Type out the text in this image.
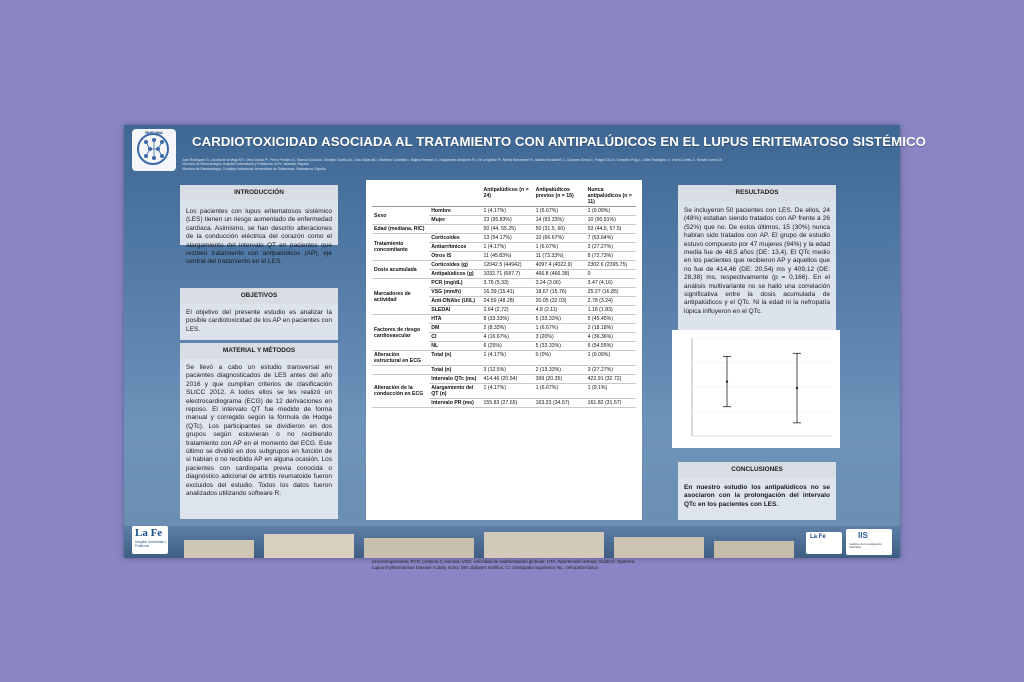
RHEUMA
CARDIOTOXICIDAD ASOCIADA AL TRATAMIENTO CON ANTIPALÚDICOS EN EL LUPUS ERITEMATOSO SISTÉMICO
José Rodríguez G¹, Acosta de la Vega MT¹, Vera García P¹, Pérez Perales C¹, Ramos García A², Morales Ocaña JA¹, Grau Solas ML¹, Martínez Cordellat I¹, Nájera Herranz C¹, Negueroles Albuixech R¹, De La Iglesia P¹, Núñez Benavente F¹, Alcañiz Escandell C¹, Cánovas Olmos I¹, Fragio Gil JJ¹, González Puig L¹, Oller Rodríguez J¹, Ivorra Cortés J¹, Román Ivorra JA¹
¹Servicio de Reumatología, Hospital Universitario y Politécnico la Fe, Valencia, España
²Servicio de Reumatología, Complejo Asistencial Universitario de Salamanca, Salamanca, España
INTRODUCCIÓN
Los pacientes con lupus eritematosos sistémico (LES) tienen un riesgo aumentado de enfermedad cardiaca. Asimismo, se han descrito alteraciones de la conducción eléctrica del corazón como el alargamiento del intervalo QT en pacientes que reciben tratamiento con antipalúdicos (AP), eje central del tratamiento en el LES.
OBJETIVOS
El objetivo del presente estudio es analizar la posible cardiotoxicidad de los AP en pacientes con LES.
MATERIAL Y MÉTODOS
Se llevó a cabo un estudio transversal en pacientes diagnosticados de LES antes del año 2016 y que cumplían criterios de clasificación SLICC 2012. A todos ellos se les realizó un electrocardiograma (ECG) de 12 derivaciones en reposo. El intervalo QT fue medido de forma manual y corregido según la fórmula de Hodge (QTc). Los participantes se dividieron en dos grupos según estuvieran o no recibiendo tratamiento con AP en el momento del ECG. Este último se dividió en dos subgrupos en función de si habían o no recibido AP en alguna ocasión. Los pacientes con cardiopatía previa conocida o diagnóstico adicional de artritis reumatoide fueron excluidos del estudio. Todos los datos fueron analizados utilizando software R.
		Antipalúdicos (n = 24)	Antipalúdicos previos (n = 15)	Nunca antipalúdicos (n = 11)
Sexo	Hombre	1 (4.17%)	1 (6.67%)	1 (9.09%)
	Mujer	23 (95.83%)	14 (93.33%)	10 (90.91%)
Edad (mediana, RIC)		50 (44, 55.25)	50 (31.5, 60)	53 (44.5, 57.5)
Tratamiento concomitante	Corticoides	13 (54.17%)	10 (66.67%)	7 (63.64%)
	Antiarritmicos	1 (4.17%)	1 (6.67%)	3 (27.27%)
	Otros IS	11 (45.83%)	11 (73.33%)	8 (72.73%)
Dosis acumulada	Corticoides (g)	12042.5 (44942)	4097.4 (4022.9)	2302.6 (2395.75)
	Antipalúdicos (g)	1032.71 (687.7)	466.8 (466.38)	0
Marcadores de actividad	PCR (mg/dL)	3.76 (5.33)	3.24 (3.06)	3.47 (4.16)
	VSG (mm/h)	16.39 (15.41)	18.67 (15.76)	25.27 (16.85)
	Anti-DNAbc (UI/L)	24.59 (48.28)	20.05 (32.03)	2.78 (3.24)
	SLEDAI	2.64 (2.72)	4.8 (2.11)	1.18 (1.83)
Factores de riesgo cardiovascular	HTA	8 (33.33%)	5 (33.33%)	5 (45.45%)
	DM	2 (8.33%)	1 (6.67%)	2 (18.18%)
	CI	4 (16.67%)	3 (20%)	4 (36.36%)
	NL	6 (25%)	5 (33.33%)	6 (54.55%)
Alteración estructural en ECG	Total (n)	1 (4.17%)	0 (0%)	1 (9.09%)
	Total (n)	3 (12.5%)	2 (13.33%)	3 (27.27%)
Alteración de la conducción en ECG	Intervalo QTc (ms)	414.46 (20.54)	399 (20.35)	422.91 (32.72)
	Alargamiento del QT (n)	1 (4.17%)	1 (6.67%)	1 (9.1%)
	Intervalo PR (ms)	155.83 (27.65)	163.33 (34.57)	161.82 (31.57)
inmunosupresores; PCR: proteína C reactiva; VSG: velocidad de sedimentación globular; HTA: hipertensión arterial; SLEDAI: Systemic Lupus Erythematosus Disease Activity Index; DM: diabetes mellitus; CI: cardiopatía isquémica; NL: nefropatía lúpica
RESULTADOS
Se incluyeron 50 pacientes con LES. De ellos, 24 (48%) estaban siendo tratados con AP frente a 26 (52%) que no. De estos últimos, 15 (30%) nunca habían sido tratados con AP. El grupo de estudio estuvo compuesto por 47 mujeres (94%) y la edad media fue de 48,5 años (DE: 13,4). El QTc medio en los pacientes que recibieron AP y aquellos que no fue de 414,46 (DE: 20,54) ms y 409,12 (DE: 28,38) ms, respectivamente (p = 0,166). En el análisis multivariante no se halló una correlación significativa entre la dosis acumulada de antipalúdicos y el QTc. Ni la edad ni la nefropatía lúpica influyeron en el QTc.
CONCLUSIONES
En nuestro estudio los antipalúdicos no se asociaron con la prolongación del intervalo QTc en los pacientes con LES.
La Fe
Hospital Universitari i Politècnic
La Fe	IIS
Instituto de Investigación Sanitaria
